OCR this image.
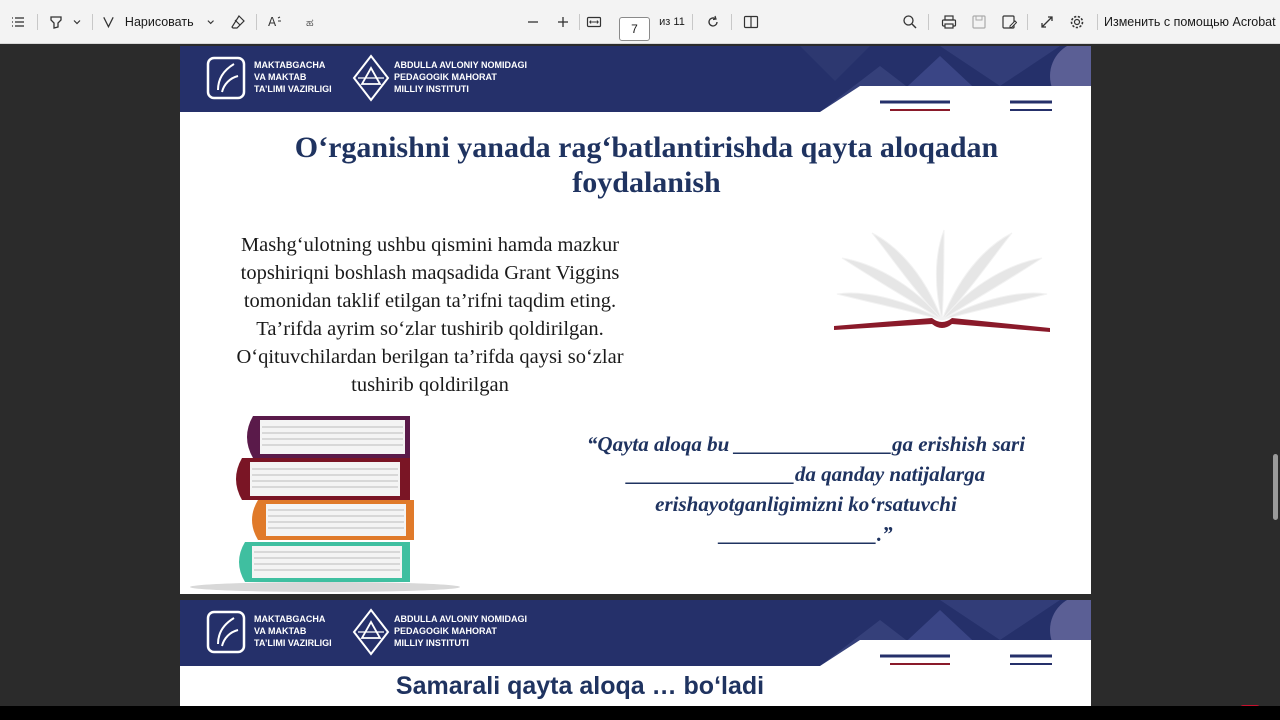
Нарисовать	A	ಹ	7 из 11	Изменить с помощью Acrobat
MAKTABGACHA
VA MAKTAB
TA’LIMI VAZIRLIGI
ABDULLA AVLONIY NOMIDAGI
PEDAGOGIK MAHORAT
MILLIY INSTITUTI
O‘rganishni yanada rag‘batlantirishda qayta aloqadan foydalanish
Mashg‘ulotning ushbu qismini hamda mazkur topshiriqni boshlash maqsadida Grant Viggins tomonidan taklif etilgan ta’rifni taqdim eting. Ta’rifda ayrim so‘zlar tushirib qoldirilgan. O‘qituvchilardan berilgan ta’rifda qaysi so‘zlar tushirib qoldirilgan
“Qayta aloqa bu _______________ga erishish sari ________________da qanday natijalarga erishayotganligimizni ko‘rsatuvchi _______________.”
MAKTABGACHA
VA MAKTAB
TA’LIMI VAZIRLIGI
ABDULLA AVLONIY NOMIDAGI
PEDAGOGIK MAHORAT
MILLIY INSTITUTI
Samarali qayta aloqa … bo‘ladi
